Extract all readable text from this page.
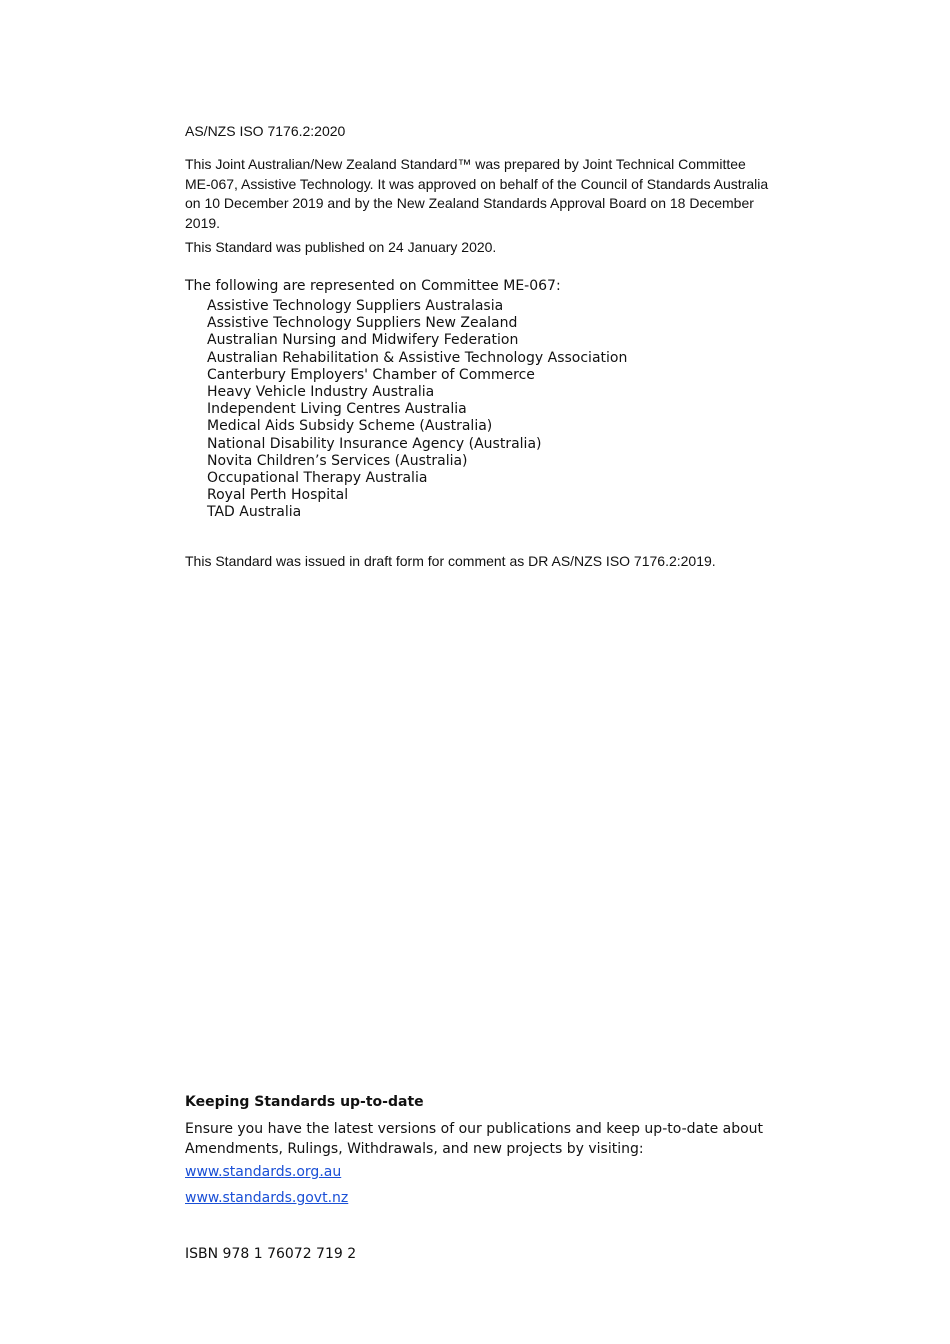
AS/NZS ISO 7176.2:2020

This Joint Australian/New Zealand Standard™ was prepared by Joint Technical Committee ME-067, Assistive Technology. It was approved on behalf of the Council of Standards Australia on 10 December 2019 and by the New Zealand Standards Approval Board on 18 December 2019.

This Standard was published on 24 January 2020.

The following are represented on Committee ME-067:

Assistive Technology Suppliers Australasia
Assistive Technology Suppliers New Zealand
Australian Nursing and Midwifery Federation
Australian Rehabilitation & Assistive Technology Association
Canterbury Employers' Chamber of Commerce
Heavy Vehicle Industry Australia
Independent Living Centres Australia
Medical Aids Subsidy Scheme (Australia)
National Disability Insurance Agency (Australia)
Novita Children’s Services (Australia)
Occupational Therapy Australia
Royal Perth Hospital
TAD Australia

This Standard was issued in draft form for comment as DR AS/NZS ISO 7176.2:2019.

Keeping Standards up-to-date

Ensure you have the latest versions of our publications and keep up-to-date about Amendments, Rulings, Withdrawals, and new projects by visiting:

www.standards.org.au
www.standards.govt.nz

ISBN 978 1 76072 719 2
